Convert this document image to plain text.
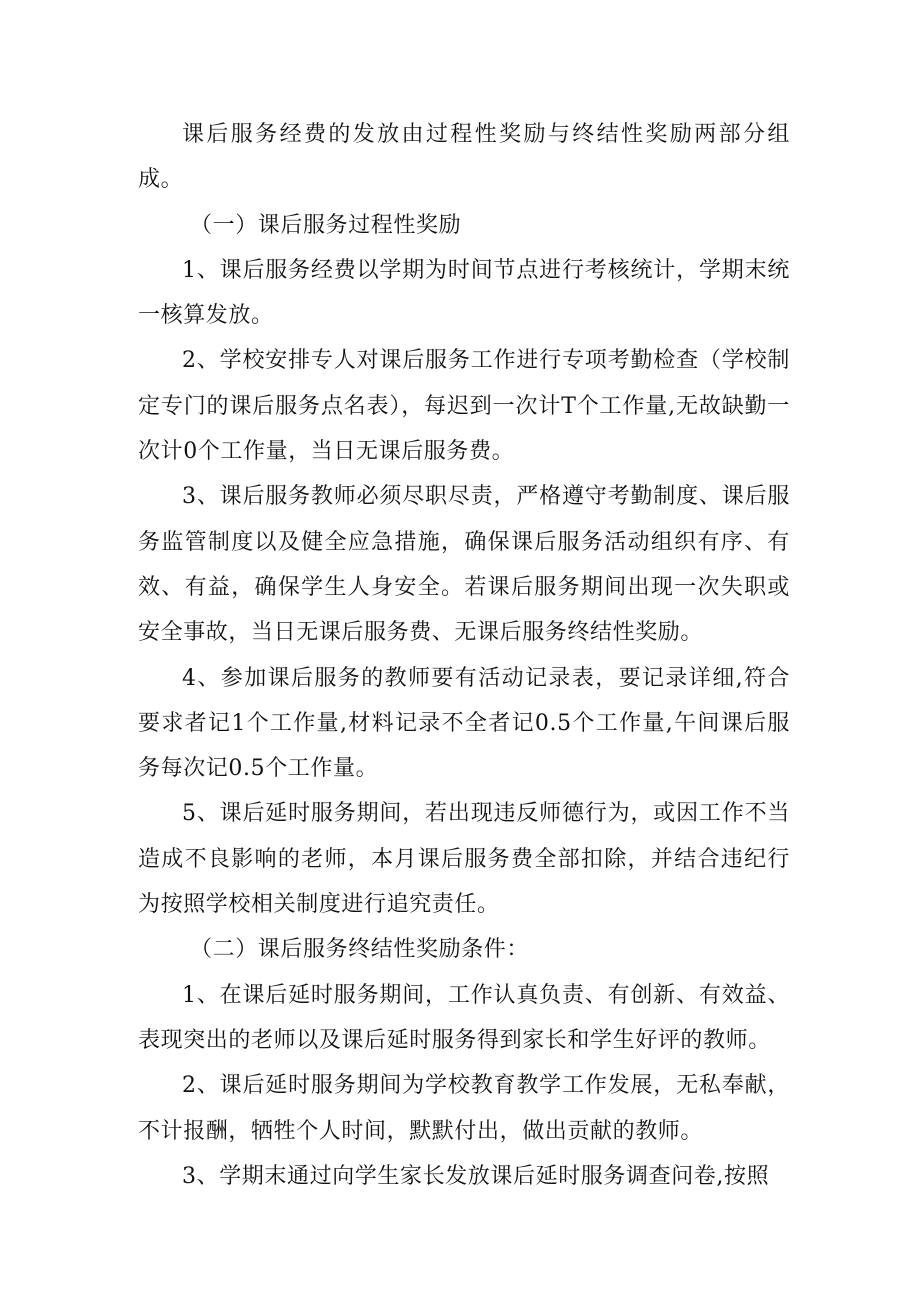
课后服务经费的发放由过程性奖励与终结性奖励两部分组成。

（一）课后服务过程性奖励

1、课后服务经费以学期为时间节点进行考核统计，学期末统一核算发放。

2、学校安排专人对课后服务工作进行专项考勤检查（学校制定专门的课后服务点名表），每迟到一次计T个工作量,无故缺勤一次计0个工作量，当日无课后服务费。

3、课后服务教师必须尽职尽责，严格遵守考勤制度、课后服务监管制度以及健全应急措施，确保课后服务活动组织有序、有效、有益，确保学生人身安全。若课后服务期间出现一次失职或安全事故，当日无课后服务费、无课后服务终结性奖励。

4、参加课后服务的教师要有活动记录表，要记录详细,符合要求者记1个工作量,材料记录不全者记0.5个工作量,午间课后服务每次记0.5个工作量。

5、课后延时服务期间，若出现违反师德行为，或因工作不当造成不良影响的老师，本月课后服务费全部扣除，并结合违纪行为按照学校相关制度进行追究责任。

（二）课后服务终结性奖励条件：

1、在课后延时服务期间，工作认真负责、有创新、有效益、表现突出的老师以及课后延时服务得到家长和学生好评的教师。

2、课后延时服务期间为学校教育教学工作发展，无私奉献，不计报酬，牺牲个人时间，默默付出，做出贡献的教师。

3、学期末通过向学生家长发放课后延时服务调查问卷,按照
